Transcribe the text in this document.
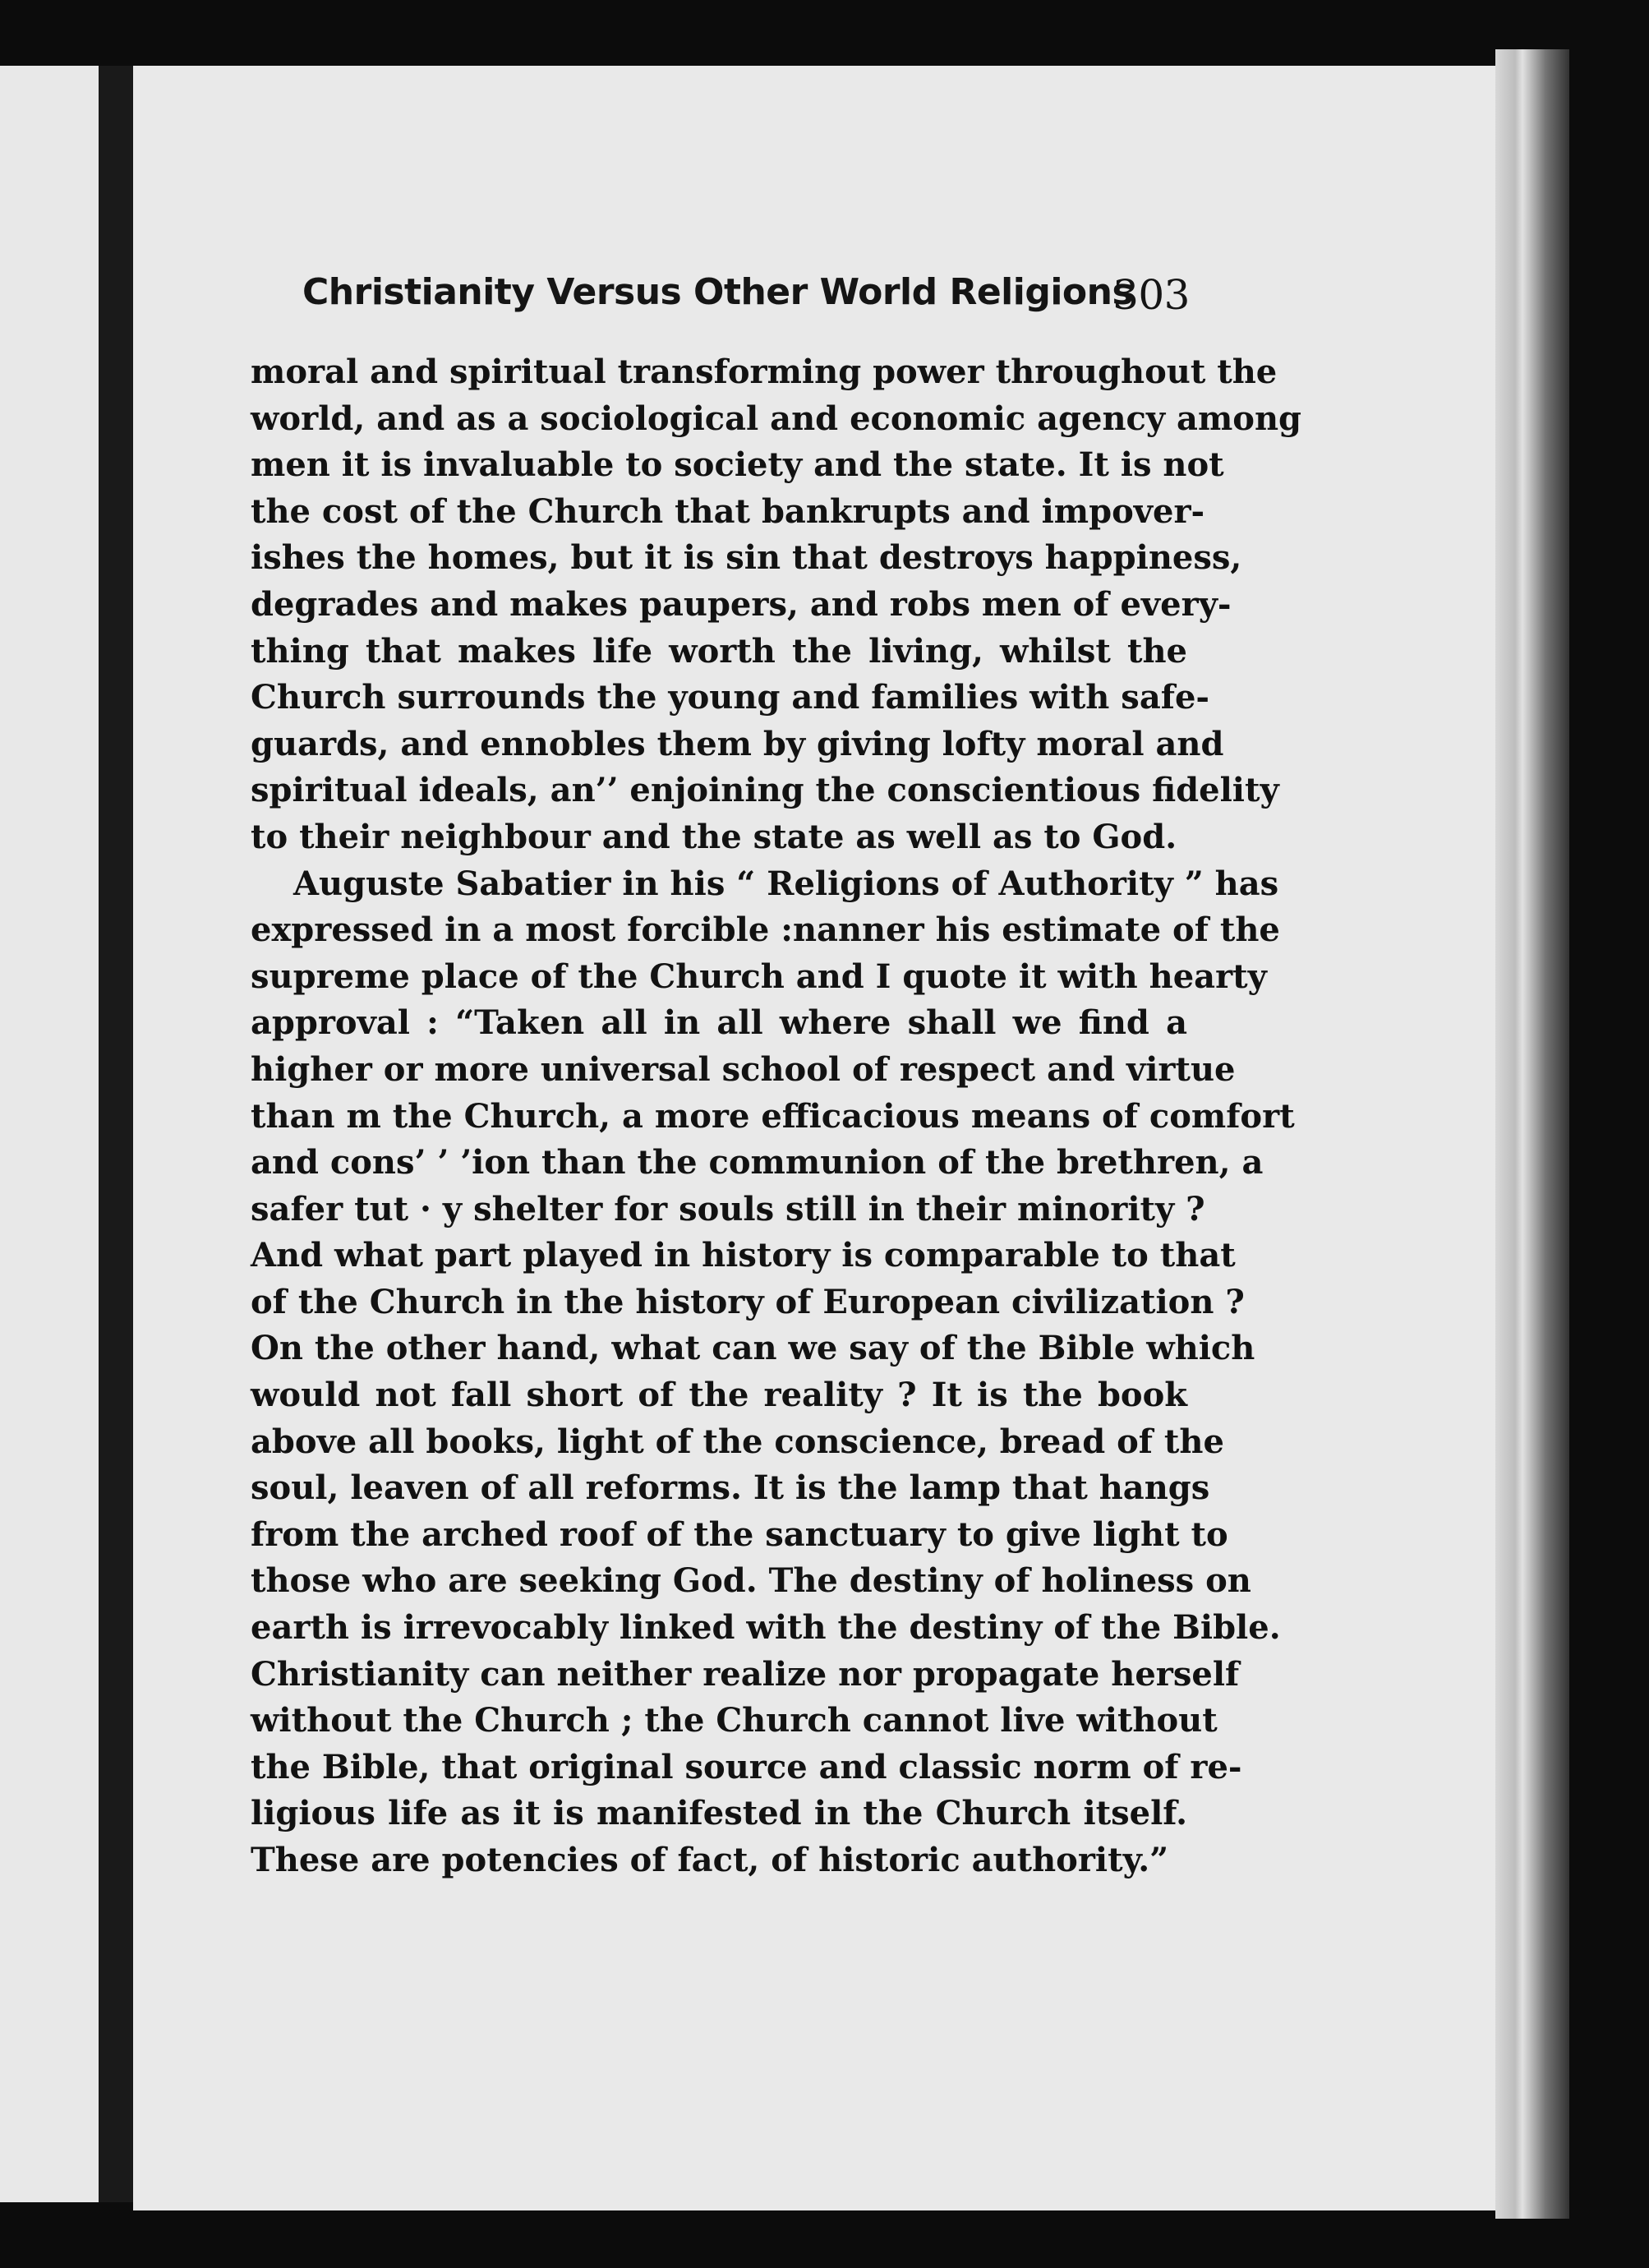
Christianity Versus Other World Religions
303
moral and spiritual transforming power throughout the
world, and as a sociological and economic agency among
men it is invaluable to society and the state. It is not
the cost of the Church that bankrupts and impover-
ishes the homes, but it is sin that destroys happiness,
degrades and makes paupers, and robs men of every-
thing that makes life worth the living, whilst the
Church surrounds the young and families with safe-
guards, and ennobles them by giving lofty moral and
spiritual ideals, an’’ enjoining the conscientious fidelity
to their neighbour and the state as well as to God.
Auguste Sabatier in his “ Religions of Authority ” has
expressed in a most forcible :nanner his estimate of the
supreme place of the Church and I quote it with hearty
approval : “Taken all in all where shall we find a
higher or more universal school of respect and virtue
than m the Church, a more efficacious means of comfort
and cons’ ’ ’ion than the communion of the brethren, a
safer tut · y shelter for souls still in their minority ?
And what part played in history is comparable to that
of the Church in the history of European civilization ?
On the other hand, what can we say of the Bible which
would not fall short of the reality ? It is the book
above all books, light of the conscience, bread of the
soul, leaven of all reforms. It is the lamp that hangs
from the arched roof of the sanctuary to give light to
those who are seeking God. The destiny of holiness on
earth is irrevocably linked with the destiny of the Bible.
Christianity can neither realize nor propagate herself
without the Church ; the Church cannot live without
the Bible, that original source and classic norm of re-
ligious life as it is manifested in the Church itself.
These are potencies of fact, of historic authority.”
